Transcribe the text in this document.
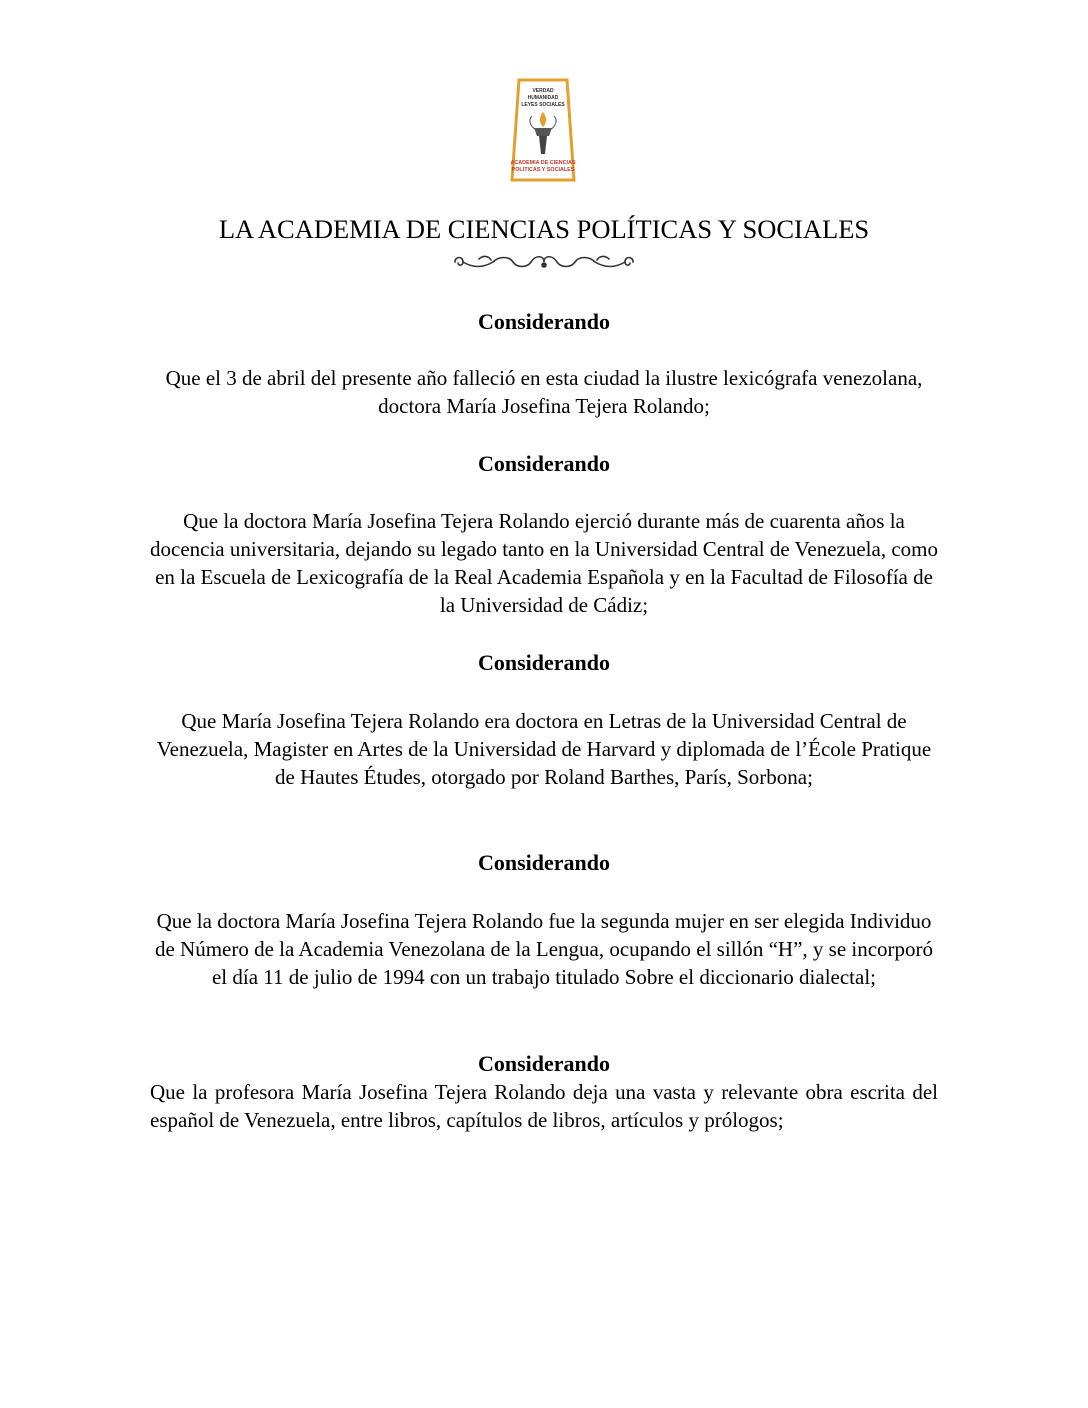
VERDAD
HUMANIDAD
LEYES SOCIALES
ACADEMIA DE CIENCIAS
POLITICAS Y SOCIALES
LA ACADEMIA DE CIENCIAS POLÍTICAS Y SOCIALES
Considerando

Que el 3 de abril del presente año falleció en esta ciudad la ilustre lexicógrafa venezolana, doctora María Josefina Tejera Rolando;

Considerando

Que la doctora María Josefina Tejera Rolando ejerció durante más de cuarenta años la docencia universitaria, dejando su legado tanto en la Universidad Central de Venezuela, como en la Escuela de Lexicografía de la Real Academia Española y en la Facultad de Filosofía de la Universidad de Cádiz;

Considerando

Que María Josefina Tejera Rolando era doctora en Letras de la Universidad Central de Venezuela, Magister en Artes de la Universidad de Harvard y diplomada de l’École Pratique de Hautes Études, otorgado por Roland Barthes, París, Sorbona;

Considerando

Que la doctora María Josefina Tejera Rolando fue la segunda mujer en ser elegida Individuo de Número de la Academia Venezolana de la Lengua, ocupando el sillón “H”, y se incorporó el día 11 de julio de 1994 con un trabajo titulado Sobre el diccionario dialectal;

Considerando

Que la profesora María Josefina Tejera Rolando deja una vasta y relevante obra escrita del español de Venezuela, entre libros, capítulos de libros, artículos y prólogos;
